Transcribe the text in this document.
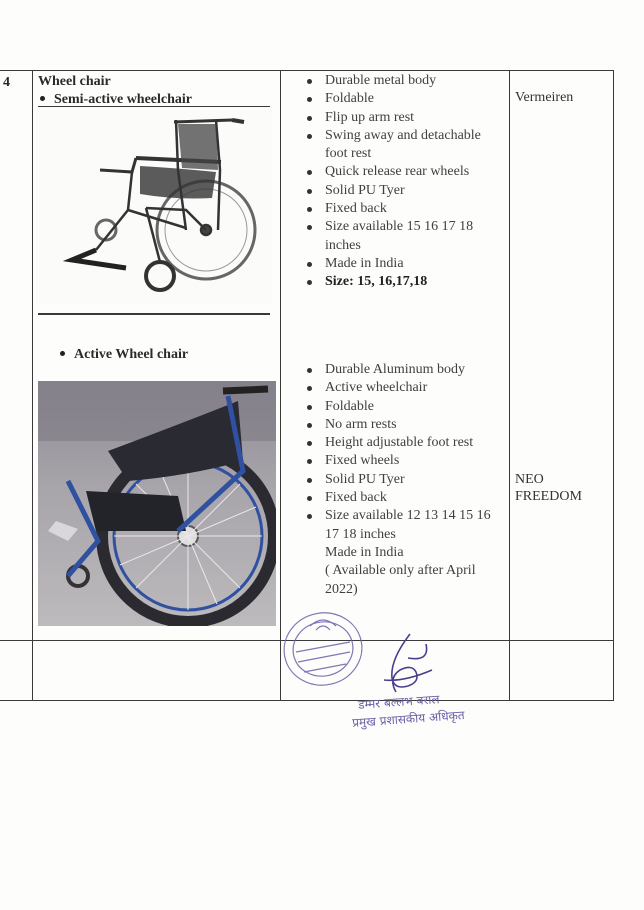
4 Wheel chair
Semi-active wheelchair
Active Wheel chair
Durable metal body
Foldable
Flip up arm rest
Swing away and detachable foot rest
Quick release rear wheels
Solid PU Tyer
Fixed back
Size available 15 16 17 18 inches
Made in India
Size: 15, 16,17,18
Durable Aluminum body
Active wheelchair
Foldable
No arm rests
Height adjustable foot rest
Fixed wheels
Solid PU Tyer
Fixed back
Size available 12 13 14 15 16 17 18 inches
Made in India
( Available only after April 2022)
Vermeiren
NEO FREEDOM
डम्मर बल्लभ बराल
प्रमुख प्रशासकीय अधिकृत
